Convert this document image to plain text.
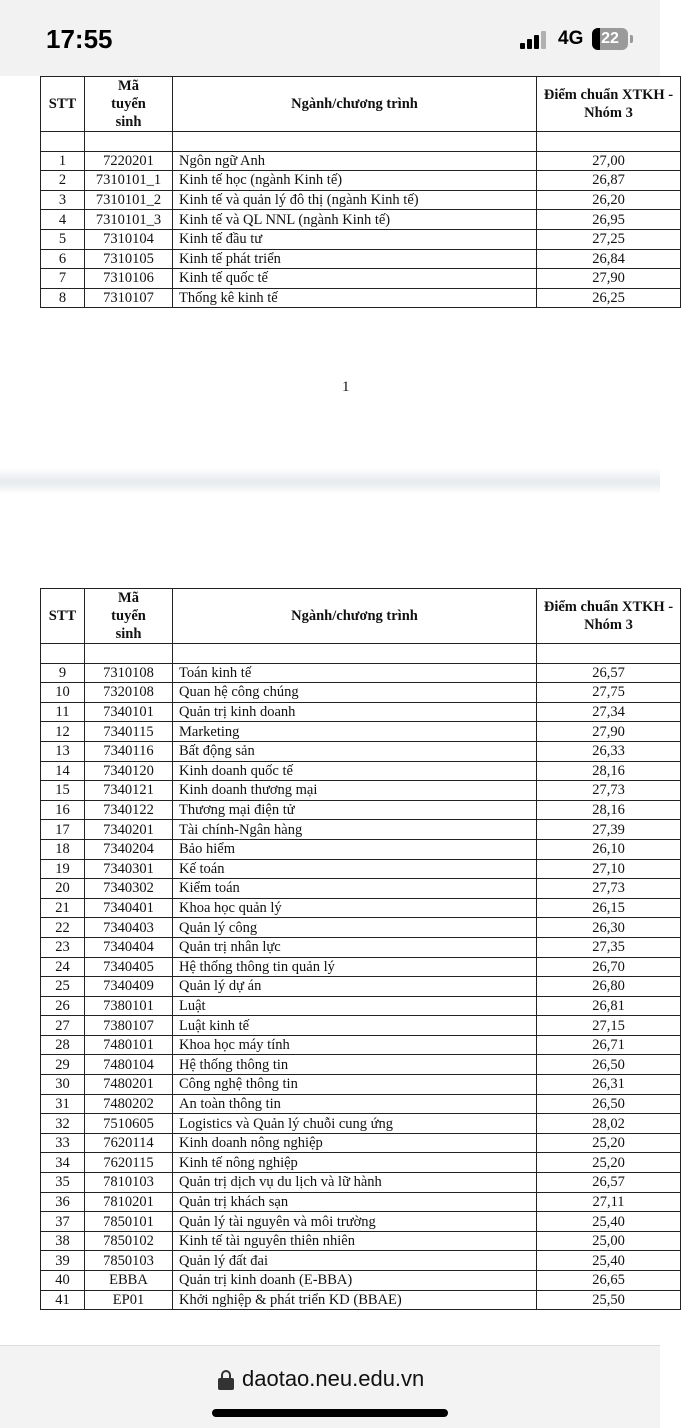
17:55	4G	22
STT	Mã tuyển sinh	Ngành/chương trình	Điểm chuẩn XTKH - Nhóm 3

1	7220201	Ngôn ngữ Anh	27,00
2	7310101_1	Kinh tế học (ngành Kinh tế)	26,87
3	7310101_2	Kinh tế và quản lý đô thị (ngành Kinh tế)	26,20
4	7310101_3	Kinh tế và QL NNL (ngành Kinh tế)	26,95
5	7310104	Kinh tế đầu tư	27,25
6	7310105	Kinh tế phát triển	26,84
7	7310106	Kinh tế quốc tế	27,90
8	7310107	Thống kê kinh tế	26,25
1
STT	Mã tuyển sinh	Ngành/chương trình	Điểm chuẩn XTKH - Nhóm 3

9	7310108	Toán kinh tế	26,57
10	7320108	Quan hệ công chúng	27,75
11	7340101	Quản trị kinh doanh	27,34
12	7340115	Marketing	27,90
13	7340116	Bất động sản	26,33
14	7340120	Kinh doanh quốc tế	28,16
15	7340121	Kinh doanh thương mại	27,73
16	7340122	Thương mại điện tử	28,16
17	7340201	Tài chính-Ngân hàng	27,39
18	7340204	Bảo hiểm	26,10
19	7340301	Kế toán	27,10
20	7340302	Kiểm toán	27,73
21	7340401	Khoa học quản lý	26,15
22	7340403	Quản lý công	26,30
23	7340404	Quản trị nhân lực	27,35
24	7340405	Hệ thống thông tin quản lý	26,70
25	7340409	Quản lý dự án	26,80
26	7380101	Luật	26,81
27	7380107	Luật kinh tế	27,15
28	7480101	Khoa học máy tính	26,71
29	7480104	Hệ thống thông tin	26,50
30	7480201	Công nghệ thông tin	26,31
31	7480202	An toàn thông tin	26,50
32	7510605	Logistics và Quản lý chuỗi cung ứng	28,02
33	7620114	Kinh doanh nông nghiệp	25,20
34	7620115	Kinh tế nông nghiệp	25,20
35	7810103	Quản trị dịch vụ du lịch và lữ hành	26,57
36	7810201	Quản trị khách sạn	27,11
37	7850101	Quản lý tài nguyên và môi trường	25,40
38	7850102	Kinh tế tài nguyên thiên nhiên	25,00
39	7850103	Quản lý đất đai	25,40
40	EBBA	Quản trị kinh doanh (E-BBA)	26,65
41	EP01	Khởi nghiệp & phát triển KD (BBAE)	25,50
daotao.neu.edu.vn
